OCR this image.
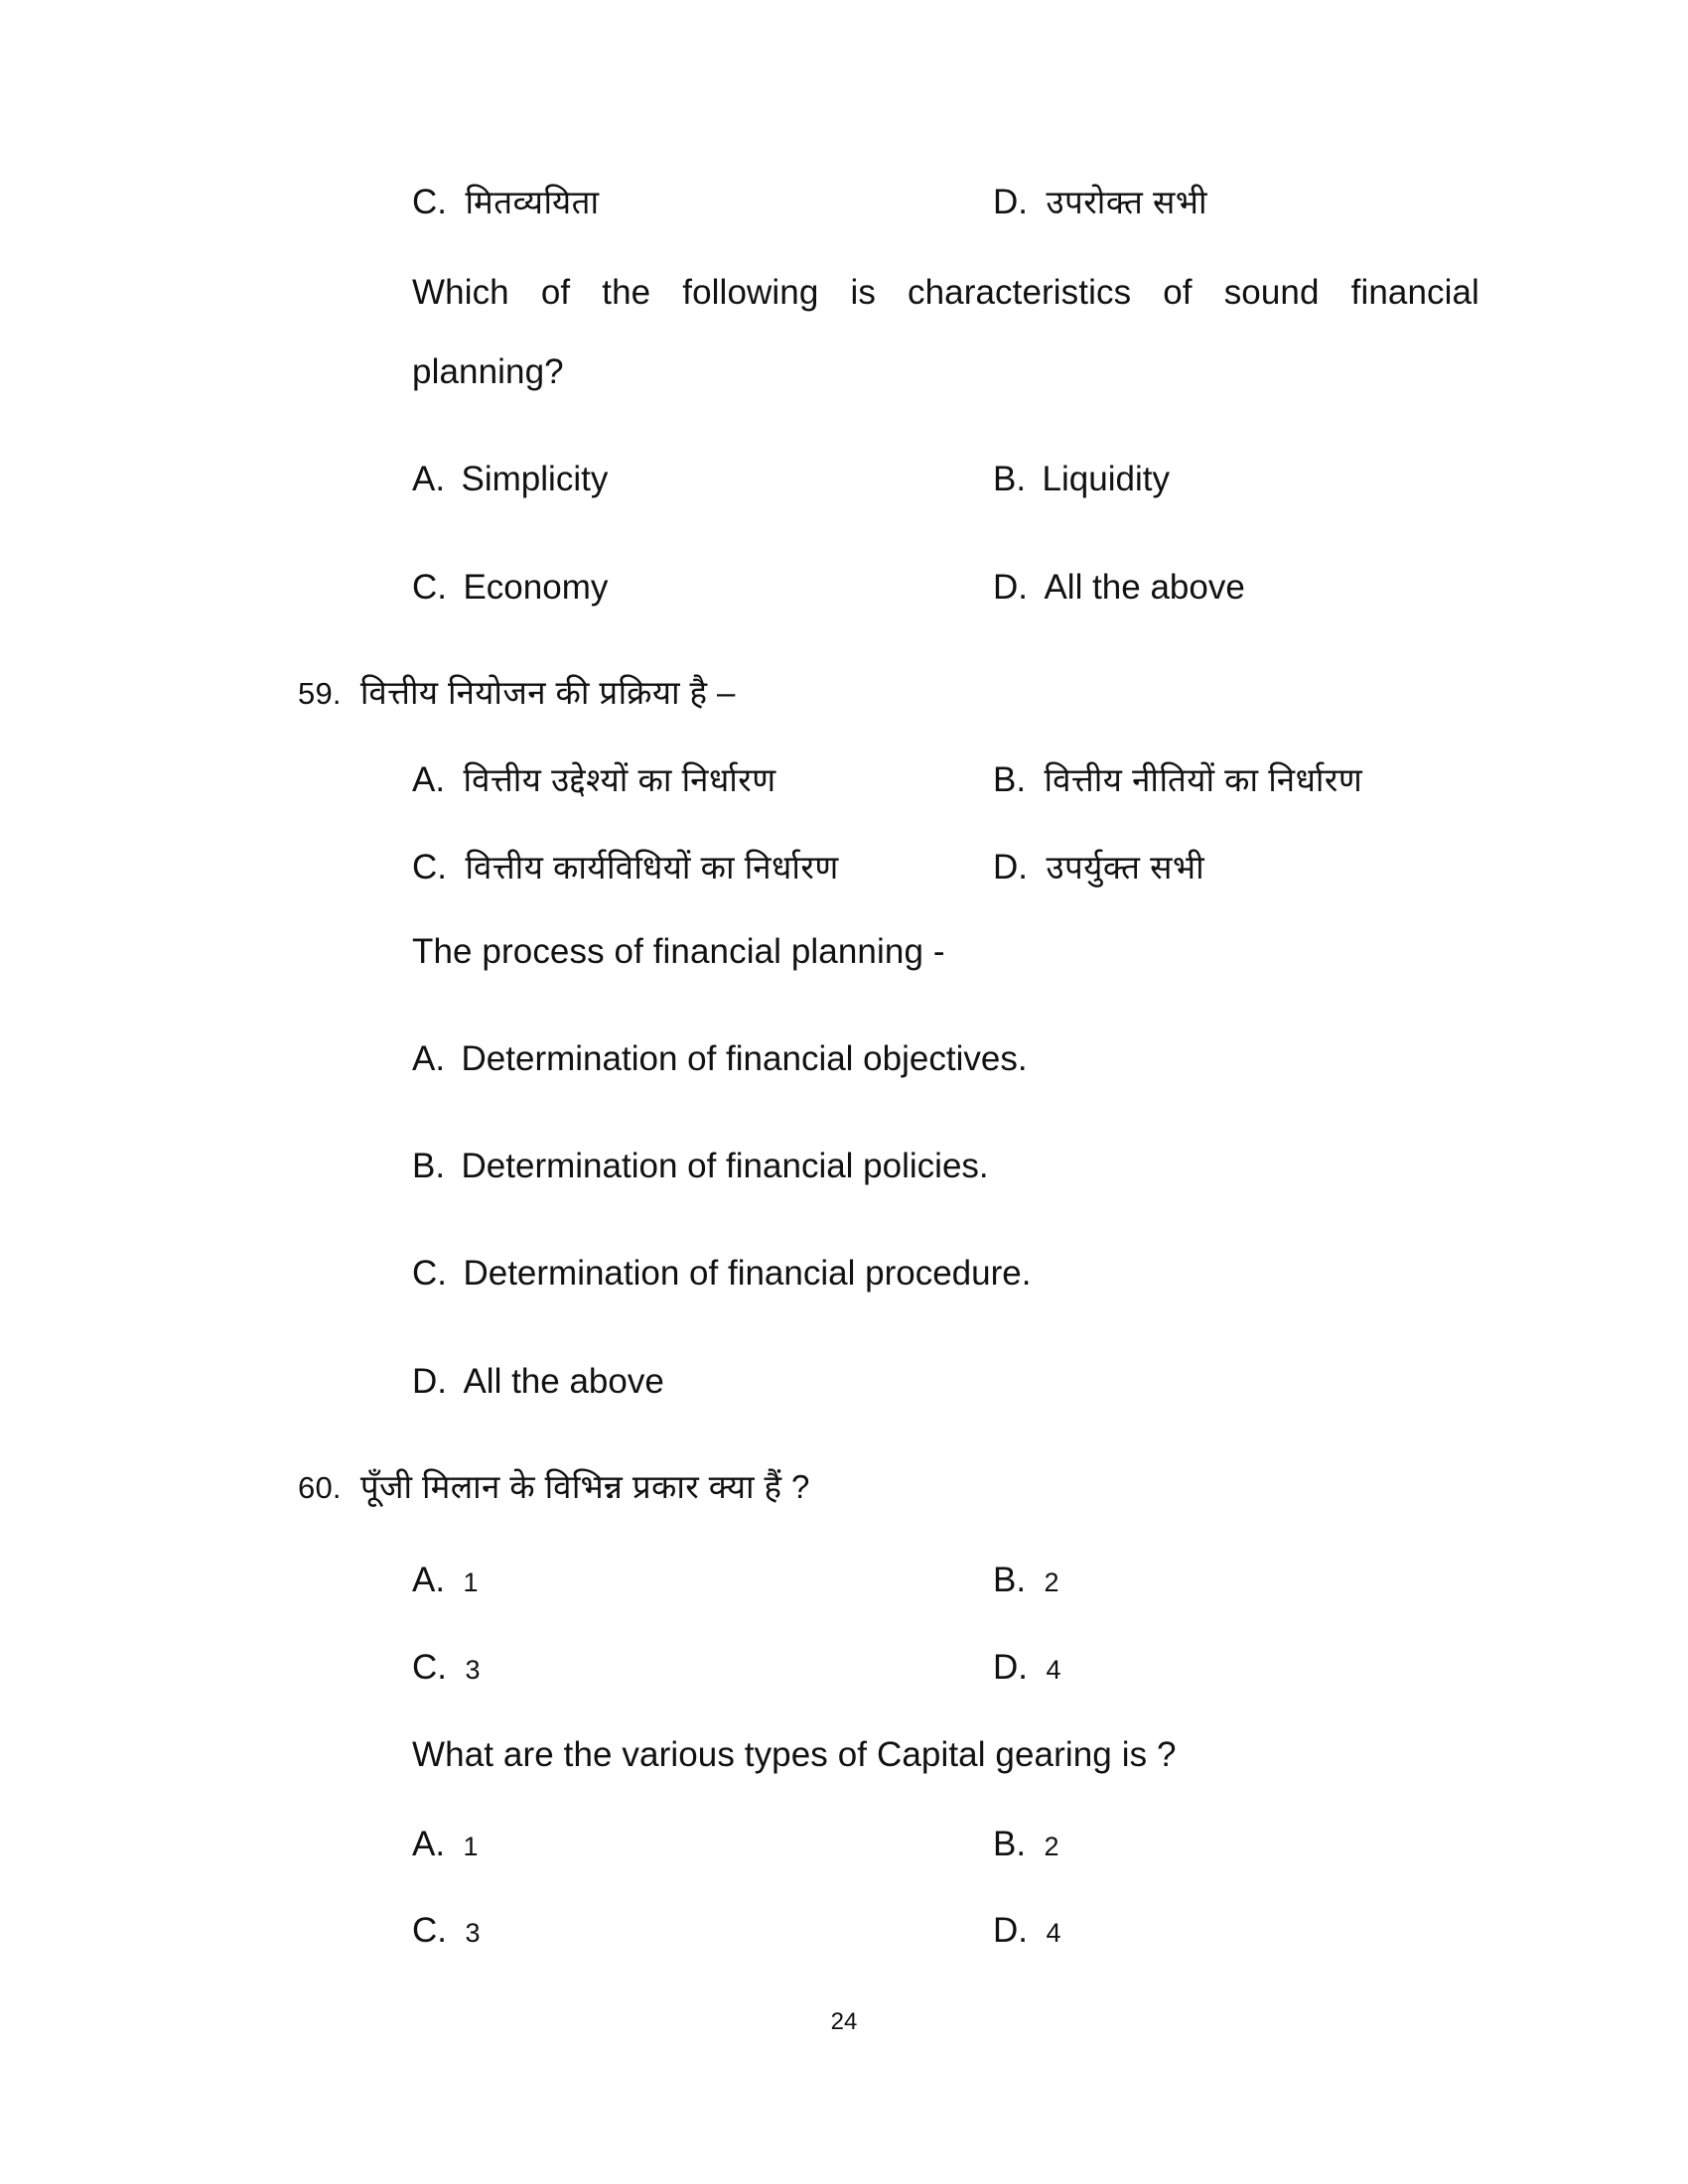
C. मितव्ययिता	D. उपरोक्त सभी
Which of the following is characteristics of sound financial
planning?
A. Simplicity	B. Liquidity
C. Economy	D. All the above
59. वित्तीय नियोजन की प्रक्रिया है –
A. वित्तीय उद्देश्यों का निर्धारण	B. वित्तीय नीतियों का निर्धारण
C. वित्तीय कार्यविधियों का निर्धारण	D. उपर्युक्त सभी
The process of financial planning -
A. Determination of financial objectives.
B. Determination of financial policies.
C. Determination of financial procedure.
D. All the above
60. पूँजी मिलान के विभिन्न प्रकार क्या हैं ?
A. 1	B. 2
C. 3	D. 4
What are the various types of Capital gearing is ?
A. 1	B. 2
C. 3	D. 4
24
